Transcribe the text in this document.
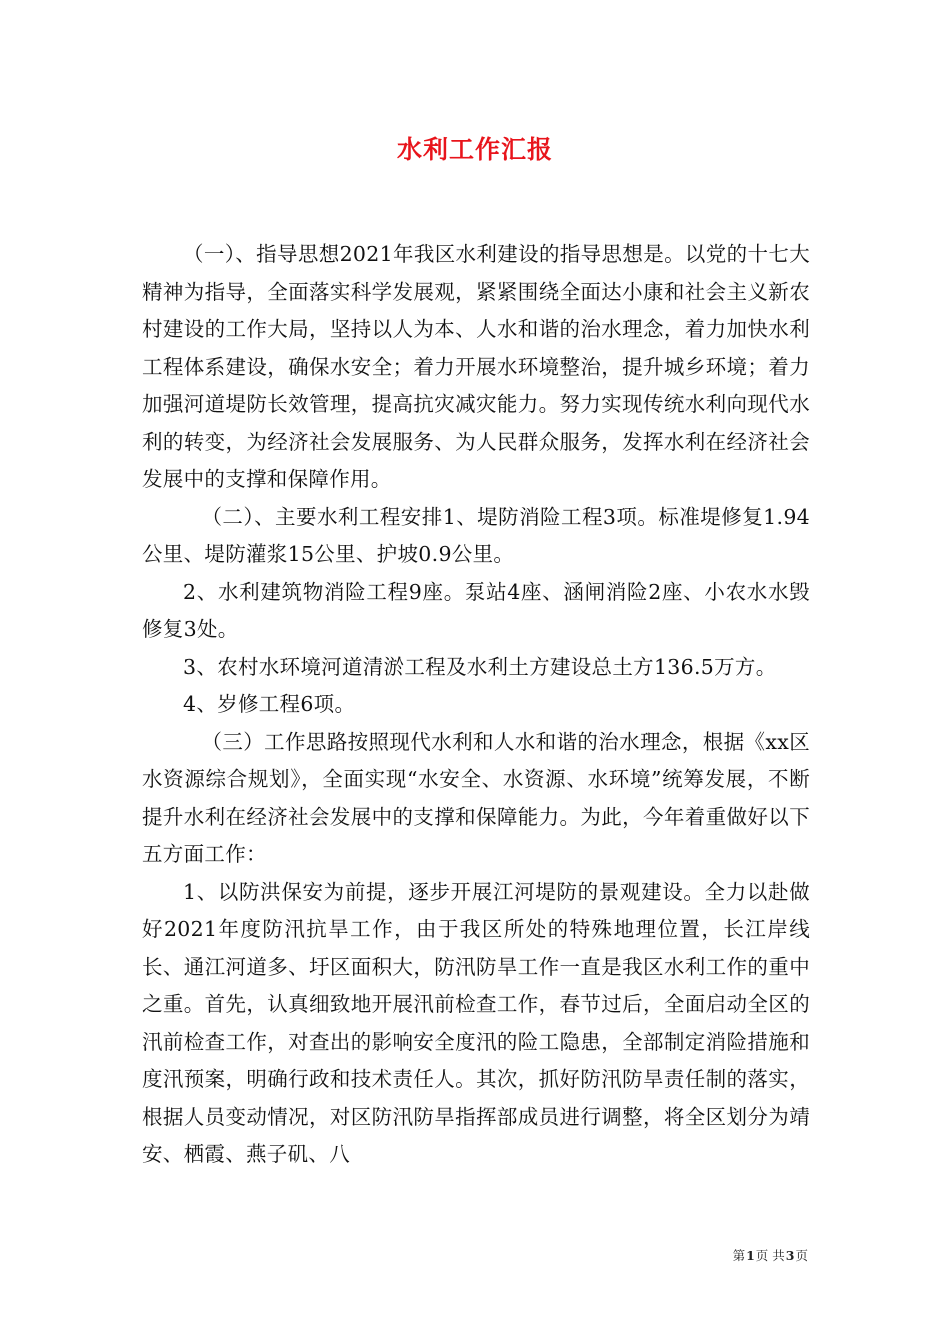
水利工作汇报

（一）、指导思想2021年我区水利建设的指导思想是。以党的十七大精神为指导，全面落实科学发展观，紧紧围绕全面达小康和社会主义新农村建设的工作大局，坚持以人为本、人水和谐的治水理念，着力加快水利工程体系建设，确保水安全；着力开展水环境整治，提升城乡环境；着力加强河道堤防长效管理，提高抗灾减灾能力。努力实现传统水利向现代水利的转变，为经济社会发展服务、为人民群众服务，发挥水利在经济社会发展中的支撑和保障作用。

（二）、主要水利工程安排1、堤防消险工程3项。标准堤修复1.94公里、堤防灌浆15公里、护坡0.9公里。

2、水利建筑物消险工程9座。泵站4座、涵闸消险2座、小农水水毁修复3处。

3、农村水环境河道清淤工程及水利土方建设总土方136.5万方。

4、岁修工程6项。

（三）工作思路按照现代水利和人水和谐的治水理念，根据《xx区水资源综合规划》，全面实现“水安全、水资源、水环境”统筹发展，不断提升水利在经济社会发展中的支撑和保障能力。为此，今年着重做好以下五方面工作：

1、以防洪保安为前提，逐步开展江河堤防的景观建设。全力以赴做好2021年度防汛抗旱工作，由于我区所处的特殊地理位置，长江岸线长、通江河道多、圩区面积大，防汛防旱工作一直是我区水利工作的重中之重。首先，认真细致地开展汛前检查工作，春节过后，全面启动全区的汛前检查工作，对查出的影响安全度汛的险工隐患，全部制定消险措施和度汛预案，明确行政和技术责任人。其次，抓好防汛防旱责任制的落实，根据人员变动情况，对区防汛防旱指挥部成员进行调整，将全区划分为靖安、栖霞、燕子矶、八

第1页 共3页
